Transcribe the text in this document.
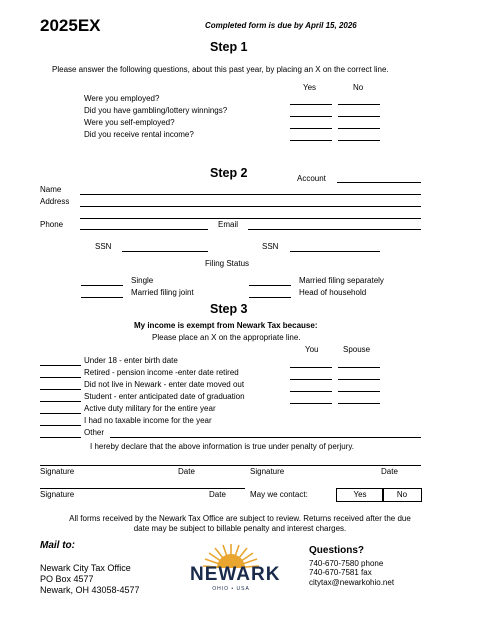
2025EX	Completed form is due by April 15, 2026
Step 1
Please answer the following questions, about this past year, by placing an X on the correct line.
Yes	No
Were you employed?
Did you have gambling/lottery winnings?
Were you self-employed?
Did you receive rental income?
Step 2	Account
Name
Address
Phone	Email
SSN	SSN
Filing Status
Single
Married filing joint
Married filing separately
Head of household
Step 3
My income is exempt from Newark Tax because:
Please place an X on the appropriate line.
You	Spouse
Under 18 - enter birth date
Retired - pension income -enter date retired
Did not live in Newark - enter date moved out
Student - enter anticipated date of graduation
Active duty military for the entire year
I had no taxable income for the year
Other
I hereby declare that the above information is true under penalty of perjury.
Signature	Date	Signature	Date
Signature	Date	May we contact:	Yes	No
All forms received by the Newark Tax Office are subject to review. Returns received after the due
date may be subject to billable penalty and interest charges.
Mail to:
Newark City Tax Office
PO Box 4577
Newark, OH 43058-4577
NEWARK
OHIO • USA
Questions?
740-670-7580 phone
740-670-7581 fax
citytax@newarkohio.net
